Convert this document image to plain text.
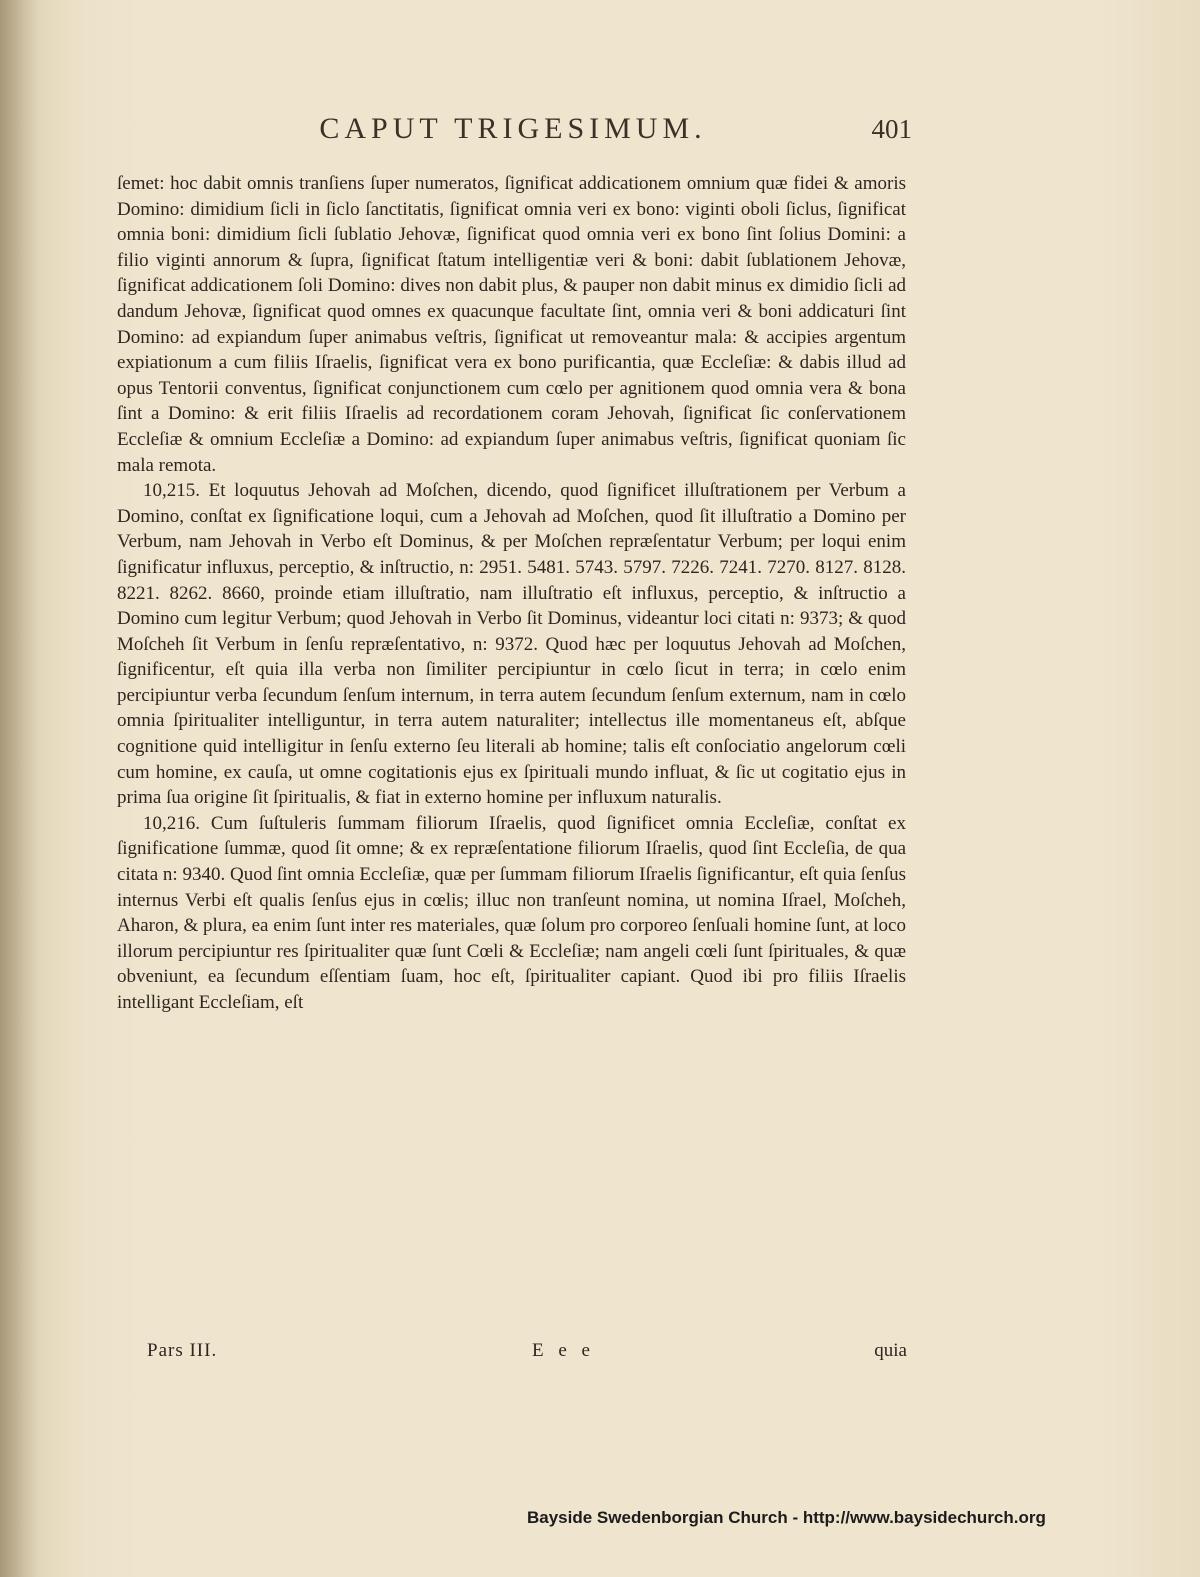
CAPUT TRIGESIMUM.	401

ſemet: hoc dabit omnis tranſiens ſuper numeratos, ſignificat addicationem omnium quæ fidei & amoris Domino: dimidium ſicli in ſiclo ſanctitatis, ſignificat omnia veri ex bono: viginti oboli ſiclus, ſignificat omnia boni: dimidium ſicli ſublatio Jehovæ, ſignificat quod omnia veri ex bono ſint ſolius Domini: a filio viginti annorum & ſupra, ſignificat ſtatum intelligentiæ veri & boni: dabit ſublationem Jehovæ, ſignificat addicationem ſoli Domino: dives non dabit plus, & pauper non dabit minus ex dimidio ſicli ad dandum Jehovæ, ſignificat quod omnes ex quacunque facultate ſint, omnia veri & boni addicaturi ſint Domino: ad expiandum ſuper animabus veſtris, ſignificat ut removeantur mala: & accipies argentum expiationum a cum filiis Iſraelis, ſignificat vera ex bono purificantia, quæ Eccleſiæ: & dabis illud ad opus Tentorii conventus, ſignificat conjunctionem cum cœlo per agnitionem quod omnia vera & bona ſint a Domino: & erit filiis Iſraelis ad recordationem coram Jehovah, ſignificat ſic conſervationem Eccleſiæ & omnium Eccleſiæ a Domino: ad expiandum ſuper animabus veſtris, ſignificat quoniam ſic mala remota.

10,215. Et loquutus Jehovah ad Moſchen, dicendo, quod ſignificet illuſtrationem per Verbum a Domino, conſtat ex ſignificatione loqui, cum a Jehovah ad Moſchen, quod ſit illuſtratio a Domino per Verbum, nam Jehovah in Verbo eſt Dominus, & per Moſchen repræſentatur Verbum; per loqui enim ſignificatur influxus, perceptio, & inſtructio, n: 2951. 5481. 5743. 5797. 7226. 7241. 7270. 8127. 8128. 8221. 8262. 8660, proinde etiam illuſtratio, nam illuſtratio eſt influxus, perceptio, & inſtructio a Domino cum legitur Verbum; quod Jehovah in Verbo ſit Dominus, videantur loci citati n: 9373; & quod Moſcheh ſit Verbum in ſenſu repræſentativo, n: 9372. Quod hæc per loquutus Jehovah ad Moſchen, ſignificentur, eſt quia illa verba non ſimiliter percipiuntur in cœlo ſicut in terra; in cœlo enim percipiuntur verba ſecundum ſenſum internum, in terra autem ſecundum ſenſum externum, nam in cœlo omnia ſpiritualiter intelliguntur, in terra autem naturaliter; intellectus ille momentaneus eſt, abſque cognitione quid intelligitur in ſenſu externo ſeu literali ab homine; talis eſt conſociatio angelorum cœli cum homine, ex cauſa, ut omne cogitationis ejus ex ſpirituali mundo influat, & ſic ut cogitatio ejus in prima ſua origine ſit ſpiritualis, & fiat in externo homine per influxum naturalis.

10,216. Cum ſuſtuleris ſummam filiorum Iſraelis, quod ſignificet omnia Eccleſiæ, conſtat ex ſignificatione ſummæ, quod ſit omne; & ex repræſentatione filiorum Iſraelis, quod ſint Eccleſia, de qua citata n: 9340. Quod ſint omnia Eccleſiæ, quæ per ſummam filiorum Iſraelis ſignificantur, eſt quia ſenſus internus Verbi eſt qualis ſenſus ejus in cœlis; illuc non tranſeunt nomina, ut nomina Iſrael, Moſcheh, Aharon, & plura, ea enim ſunt inter res materiales, quæ ſolum pro corporeo ſenſuali homine ſunt, at loco illorum percipiuntur res ſpiritualiter quæ ſunt Cœli & Eccleſiæ; nam angeli cœli ſunt ſpirituales, & quæ obveniunt, ea ſecundum eſſentiam ſuam, hoc eſt, ſpiritualiter capiant. Quod ibi pro filiis Iſraelis intelligant Eccleſiam, eſt

Pars III.	E e e	quia
Bayside Swedenborgian Church - http://www.baysidechurch.org
